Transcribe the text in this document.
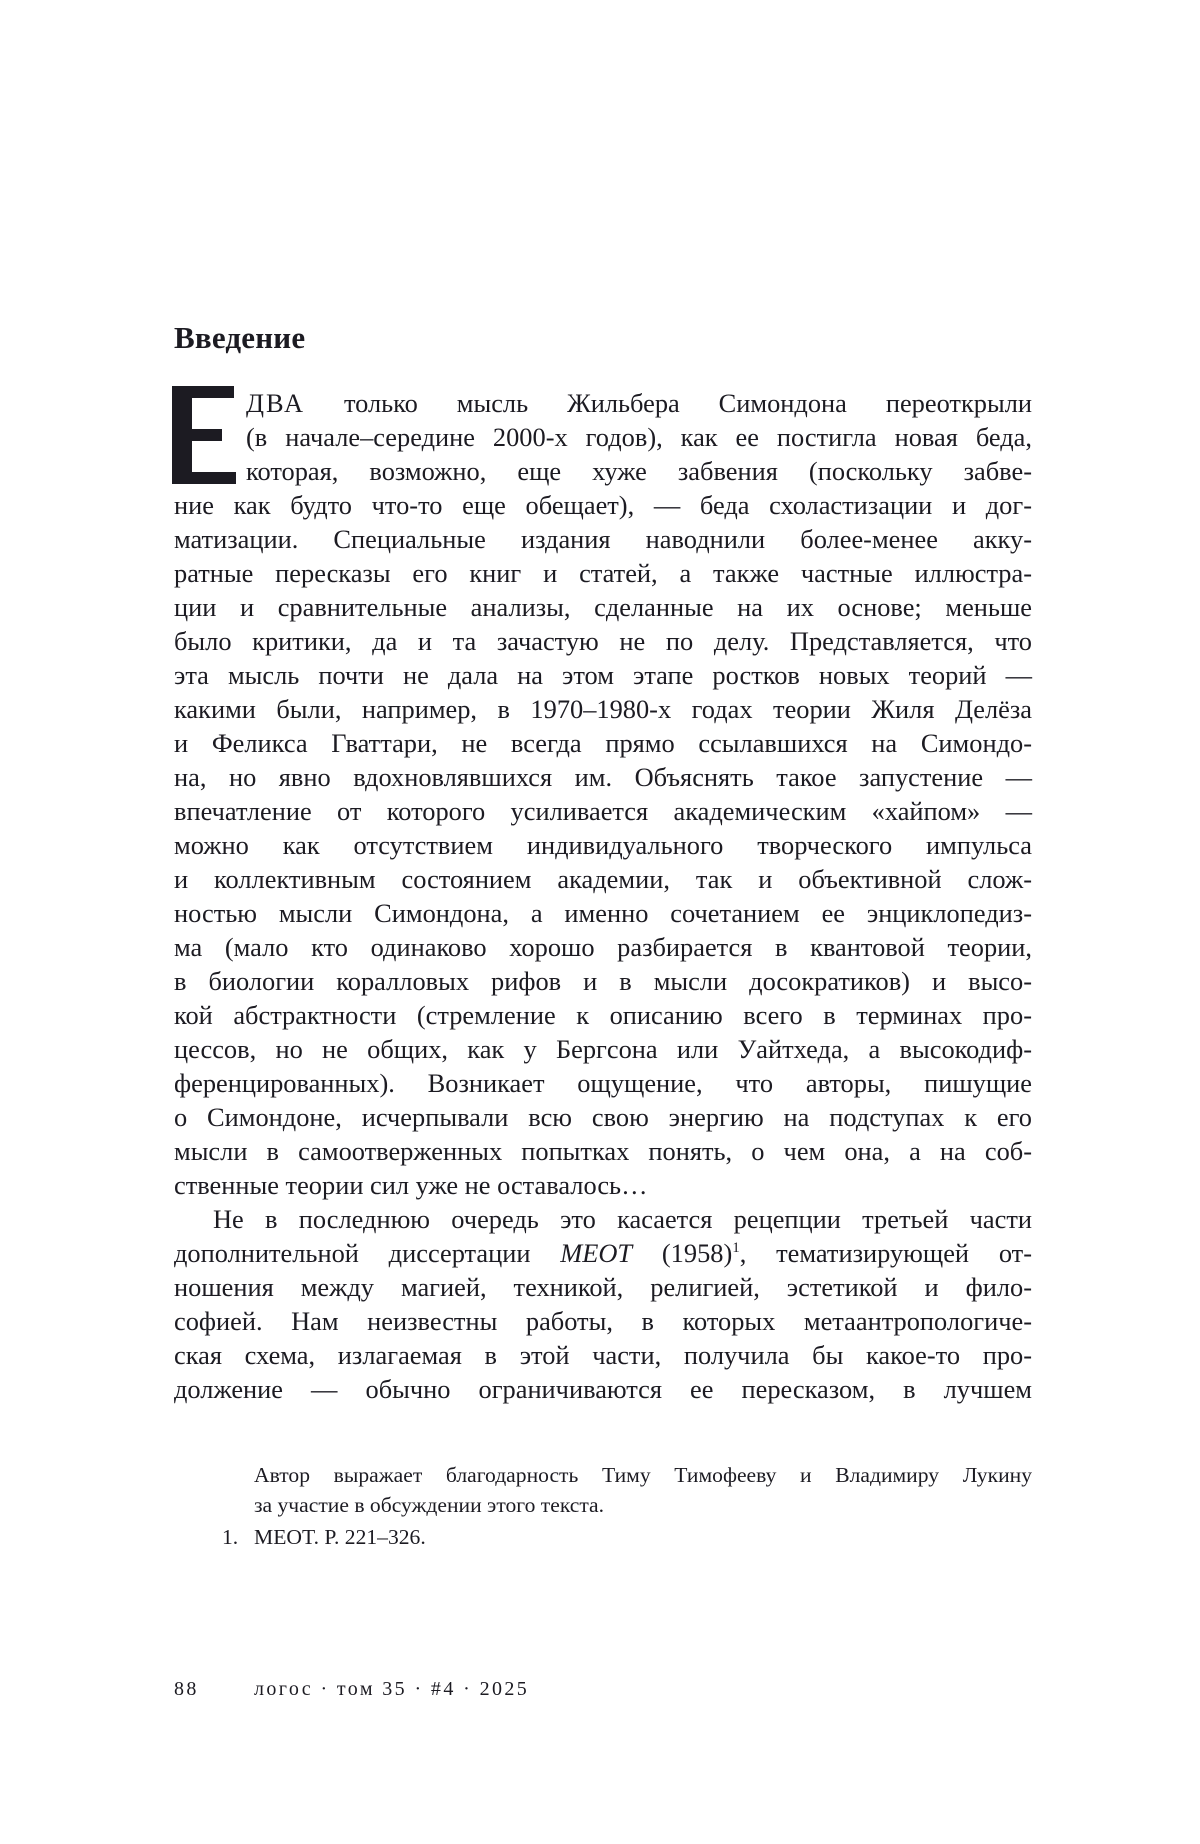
Введение
ДВА только мысль Жильбера Симондона переоткрыли
(в начале–середине 2000-х годов), как ее постигла новая беда,
которая, возможно, еще хуже забвения (поскольку забве-
ние как будто что-то еще обещает), — беда схоластизации и дог-
матизации. Специальные издания наводнили более-менее акку-
ратные пересказы его книг и статей, а также частные иллюстра-
ции и сравнительные анализы, сделанные на их основе; меньше
было критики, да и та зачастую не по делу. Представляется, что
эта мысль почти не дала на этом этапе ростков новых теорий —
какими были, например, в 1970–1980-х годах теории Жиля Делёза
и Феликса Гваттари, не всегда прямо ссылавшихся на Симондо-
на, но явно вдохновлявшихся им. Объяснять такое запустение —
впечатление от которого усиливается академическим «хайпом» —
можно как отсутствием индивидуального творческого импульса
и коллективным состоянием академии, так и объективной слож-
ностью мысли Симондона, а именно сочетанием ее энциклопедиз-
ма (мало кто одинаково хорошо разбирается в квантовой теории,
в биологии коралловых рифов и в мысли досократиков) и высо-
кой абстрактности (стремление к описанию всего в терминах про-
цессов, но не общих, как у Бергсона или Уайтхеда, а высокодиф-
ференцированных). Возникает ощущение, что авторы, пишущие
о Симондоне, исчерпывали всю свою энергию на подступах к его
мысли в самоотверженных попытках понять, о чем она, а на соб-
ственные теории сил уже не оставалось…
Не в последнюю очередь это касается рецепции третьей части
дополнительной диссертации MEOT $(1958)^1$, тематизирующей от-
ношения между магией, техникой, религией, эстетикой и фило-
софией. Нам неизвестны работы, в которых метаантропологиче-
ская схема, излагаемая в этой части, получила бы какое-то про-
должение — обычно ограничиваются ее пересказом, в лучшем
Автор выражает благодарность Тиму Тимофееву и Владимиру Лукину
за участие в обсуждении этого текста.
1. MEOT. P. 221–326.
88	логос · том 35 · #4 · 2025
